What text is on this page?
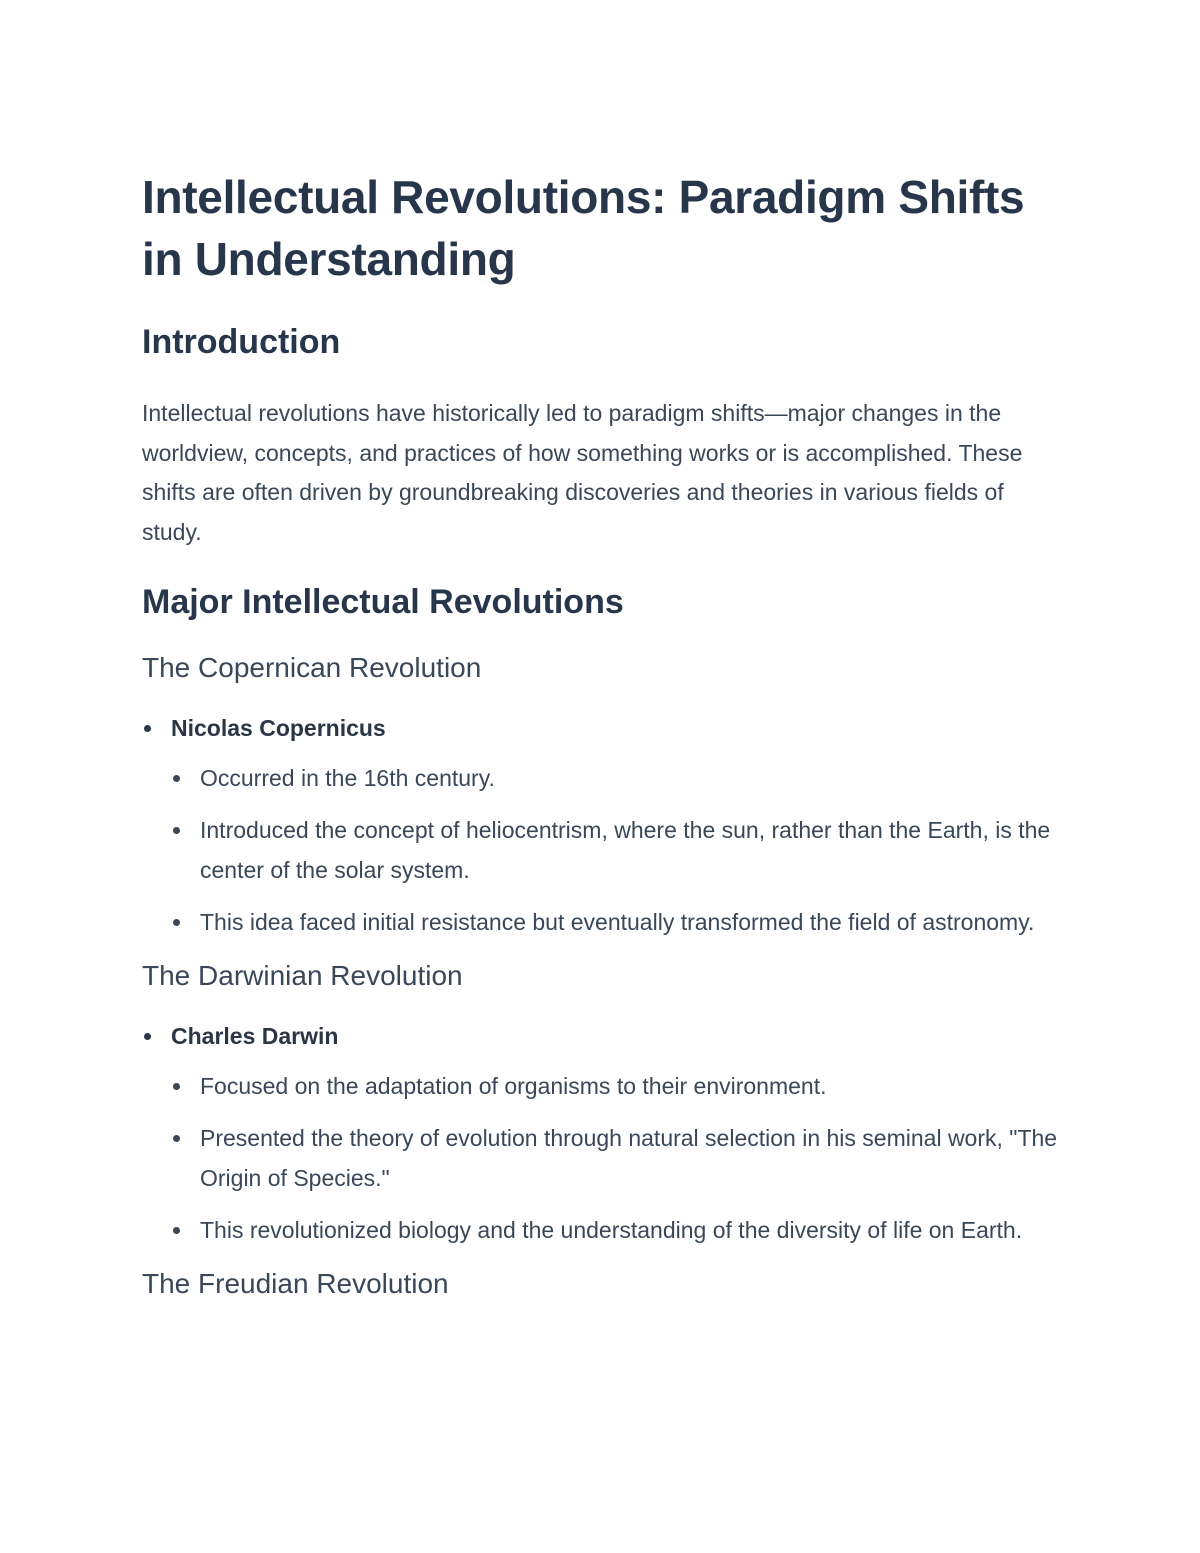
Intellectual Revolutions: Paradigm Shifts in Understanding
Introduction

Intellectual revolutions have historically led to paradigm shifts—major changes in the worldview, concepts, and practices of how something works or is accomplished. These shifts are often driven by groundbreaking discoveries and theories in various fields of study.

Major Intellectual Revolutions
The Copernican Revolution
Nicolas Copernicus
Occurred in the 16th century.
Introduced the concept of heliocentrism, where the sun, rather than the Earth, is the center of the solar system.
This idea faced initial resistance but eventually transformed the field of astronomy.
The Darwinian Revolution
Charles Darwin
Focused on the adaptation of organisms to their environment.
Presented the theory of evolution through natural selection in his seminal work, "The Origin of Species."
This revolutionized biology and the understanding of the diversity of life on Earth.
The Freudian Revolution
